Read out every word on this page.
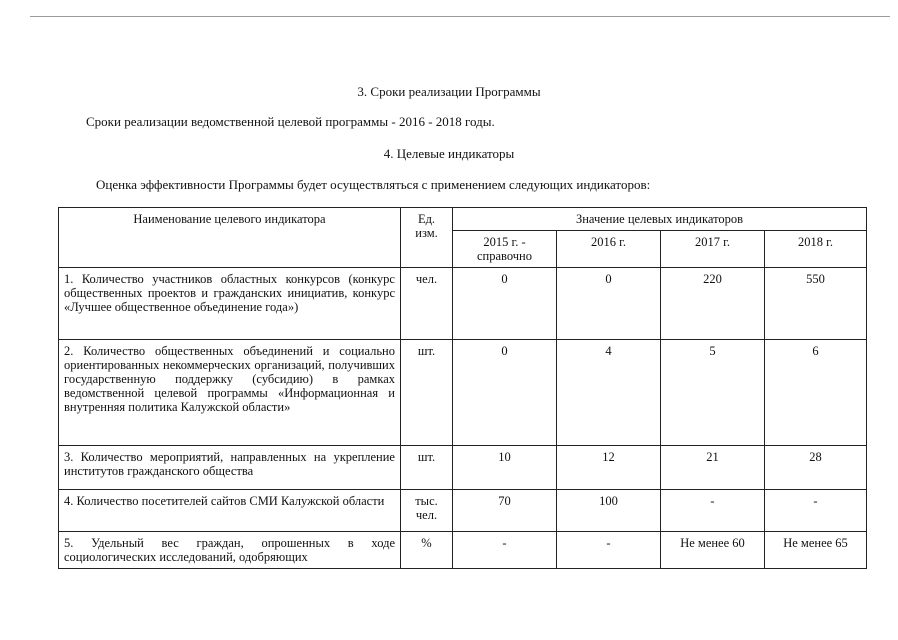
3. Сроки реализации Программы
Сроки реализации ведомственной целевой программы - 2016 - 2018 годы.
4. Целевые индикаторы
Оценка эффективности Программы будет осуществляться с применением следующих индикаторов:
Наименование целевого индикатора	Ед. изм.	Значение целевых индикаторов			
		2015 г. - справочно	2016 г.	2017 г.	2018 г.
1. Количество участников областных конкурсов (конкурс общественных проектов и гражданских инициатив, конкурс «Лучшее общественное объединение года»)	чел.	0	0	220	550
2. Количество общественных объединений и социально ориентированных некоммерческих организаций, получивших государственную поддержку (субсидию) в рамках ведомственной целевой программы «Информационная и внутренняя политика Калужской области»	шт.	0	4	5	6
3. Количество мероприятий, направленных на укрепление институтов гражданского общества	шт.	10	12	21	28
4. Количество посетителей сайтов СМИ Калужской области	тыс. чел.	70	100	-	-
5. Удельный вес граждан, опрошенных в ходе социологических исследований, одобряющих	%	-	-	Не менее 60	Не менее 65
